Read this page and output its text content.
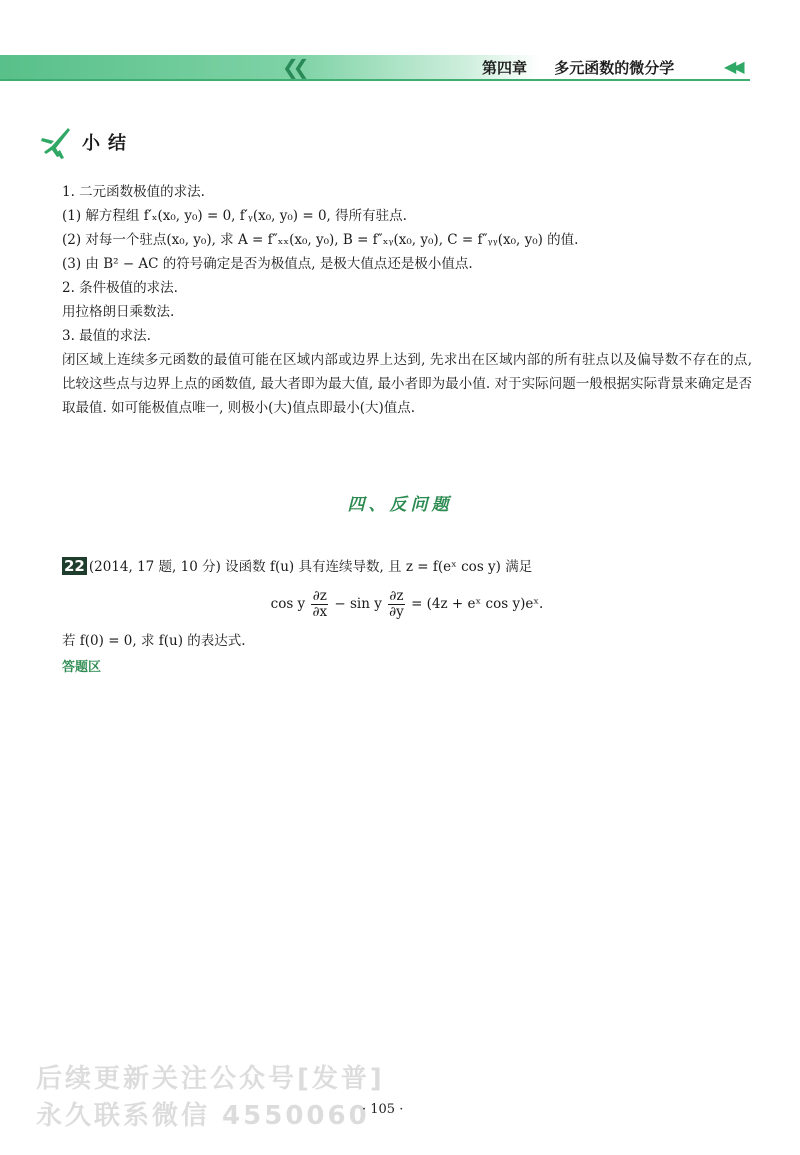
❮❮	第四章 多元函数的微分学	◀◀
小结

1. 二元函数极值的求法.

(1) 解方程组 f′ₓ(x₀, y₀) = 0, f′ᵧ(x₀, y₀) = 0, 得所有驻点.

(2) 对每一个驻点(x₀, y₀), 求 A = f″ₓₓ(x₀, y₀), B = f″ₓᵧ(x₀, y₀), C = f″ᵧᵧ(x₀, y₀) 的值.

(3) 由 B² − AC 的符号确定是否为极值点, 是极大值点还是极小值点.

2. 条件极值的求法.

用拉格朗日乘数法.

3. 最值的求法.

闭区域上连续多元函数的最值可能在区域内部或边界上达到, 先求出在区域内部的所有驻点以及偏导数不存在的点, 比较这些点与边界上点的函数值, 最大者即为最大值, 最小者即为最小值. 对于实际问题一般根据实际背景来确定是否取最值. 如可能极值点唯一, 则极小(大)值点即最小(大)值点.

四、反问题

22 (2014, 17 题, 10 分) 设函数 f(u) 具有连续导数, 且 z = f(eˣ cos y) 满足

cos y $\frac{\partial z}{\partial x} - \sin y \frac{\partial z}{\partial y} = (4z$ + eˣ cos y)eˣ.

若 f(0) = 0, 求 f(u) 的表达式.

答题区
后续更新关注公众号[发普]
永久联系微信 4550060
· 105 ·
